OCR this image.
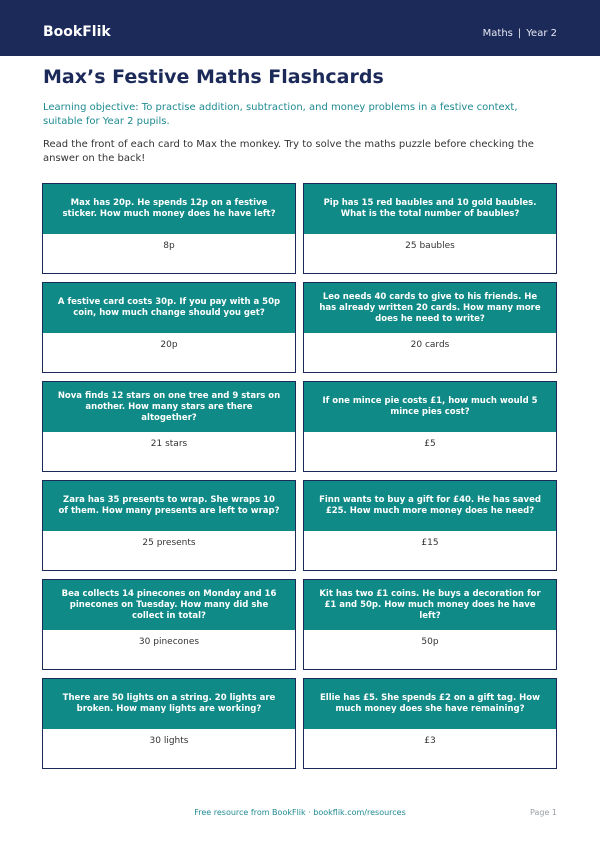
BookFlik	Maths | Year 2
Max’s Festive Maths Flashcards
Learning objective: To practise addition, subtraction, and money problems in a festive context, suitable for Year 2 pupils.
Read the front of each card to Max the monkey. Try to solve the maths puzzle before checking the answer on the back!
Max has 20p. He spends 12p on a festive sticker. How much money does he have left?
8p
Pip has 15 red baubles and 10 gold baubles. What is the total number of baubles?
25 baubles
A festive card costs 30p. If you pay with a 50p coin, how much change should you get?
20p
Leo needs 40 cards to give to his friends. He has already written 20 cards. How many more does he need to write?
20 cards
Nova finds 12 stars on one tree and 9 stars on another. How many stars are there altogether?
21 stars
If one mince pie costs £1, how much would 5 mince pies cost?
£5
Zara has 35 presents to wrap. She wraps 10 of them. How many presents are left to wrap?
25 presents
Finn wants to buy a gift for £40. He has saved £25. How much more money does he need?
£15
Bea collects 14 pinecones on Monday and 16 pinecones on Tuesday. How many did she collect in total?
30 pinecones
Kit has two £1 coins. He buys a decoration for £1 and 50p. How much money does he have left?
50p
There are 50 lights on a string. 20 lights are broken. How many lights are working?
30 lights
Ellie has £5. She spends £2 on a gift tag. How much money does she have remaining?
£3
Free resource from BookFlik · bookflik.com/resources	Page 1
